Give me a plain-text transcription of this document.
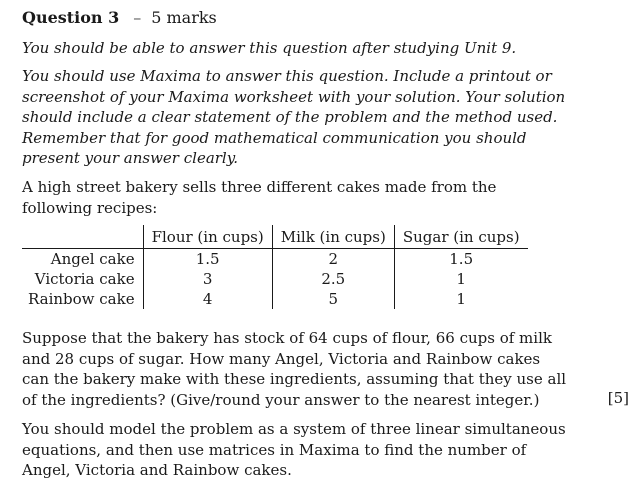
Question 3 – 5 marks
You should be able to answer this question after studying Unit 9.
You should use Maxima to answer this question. Include a printout or screenshot of your Maxima worksheet with your solution. Your solution should include a clear statement of the problem and the method used. Remember that for good mathematical communication you should present your answer clearly.
A high street bakery sells three different cakes made from the following recipes:
	Flour (in cups)	Milk (in cups)	Sugar (in cups)
Angel cake	1.5	2	1.5
Victoria cake	3	2.5	1
Rainbow cake	4	5	1
Suppose that the bakery has stock of 64 cups of flour, 66 cups of milk and 28 cups of sugar. How many Angel, Victoria and Rainbow cakes can the bakery make with these ingredients, assuming that they use all of the ingredients? (Give/round your answer to the nearest integer.)	[5]
You should model the problem as a system of three linear simultaneous equations, and then use matrices in Maxima to find the number of Angel, Victoria and Rainbow cakes.
